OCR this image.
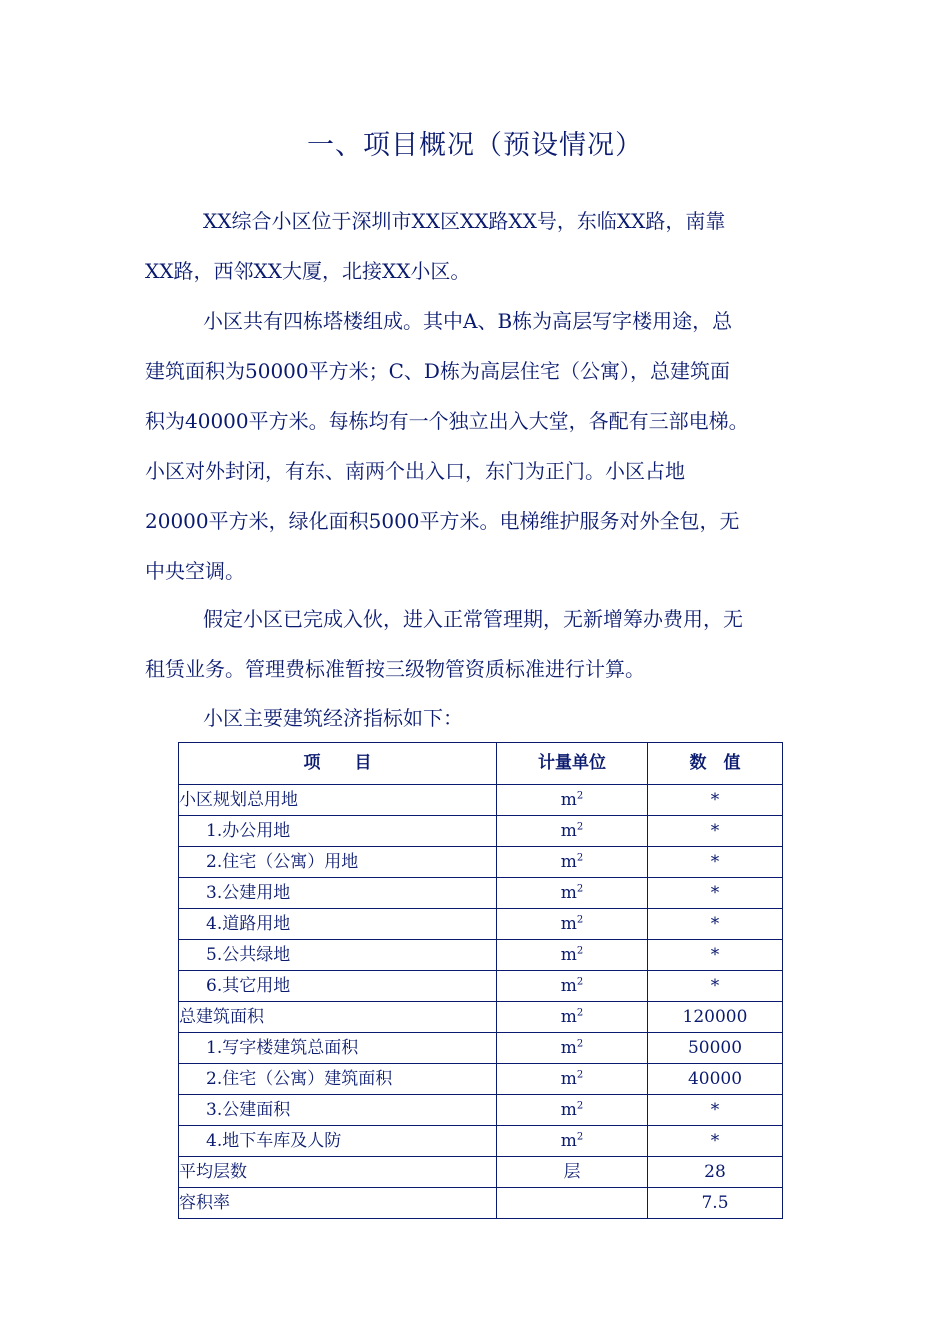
一、项目概况（预设情况）
XX综合小区位于深圳市XX区XX路XX号，东临XX路，南靠
XX路，西邻XX大厦，北接XX小区。
小区共有四栋塔楼组成。其中A、B栋为高层写字楼用途，总
建筑面积为50000平方米；C、D栋为高层住宅（公寓），总建筑面
积为40000平方米。每栋均有一个独立出入大堂，各配有三部电梯。
小区对外封闭，有东、南两个出入口，东门为正门。小区占地
20000平方米，绿化面积5000平方米。电梯维护服务对外全包，无
中央空调。
假定小区已完成入伙，进入正常管理期，无新增筹办费用，无
租赁业务。管理费标准暂按三级物管资质标准进行计算。
小区主要建筑经济指标如下：
项　　目	计量单位	数　值
小区规划总用地	$m^2$	*
1.办公用地	$m^2$	*
2.住宅（公寓）用地	$m^2$	*
3.公建用地	$m^2$	*
4.道路用地	$m^2$	*
5.公共绿地	$m^2$	*
6.其它用地	$m^2$	*
总建筑面积	$m^2$	120000
1.写字楼建筑总面积	$m^2$	50000
2.住宅（公寓）建筑面积	$m^2$	40000
3.公建面积	$m^2$	*
4.地下车库及人防	$m^2$	*
平均层数	层	28
容积率		7.5
